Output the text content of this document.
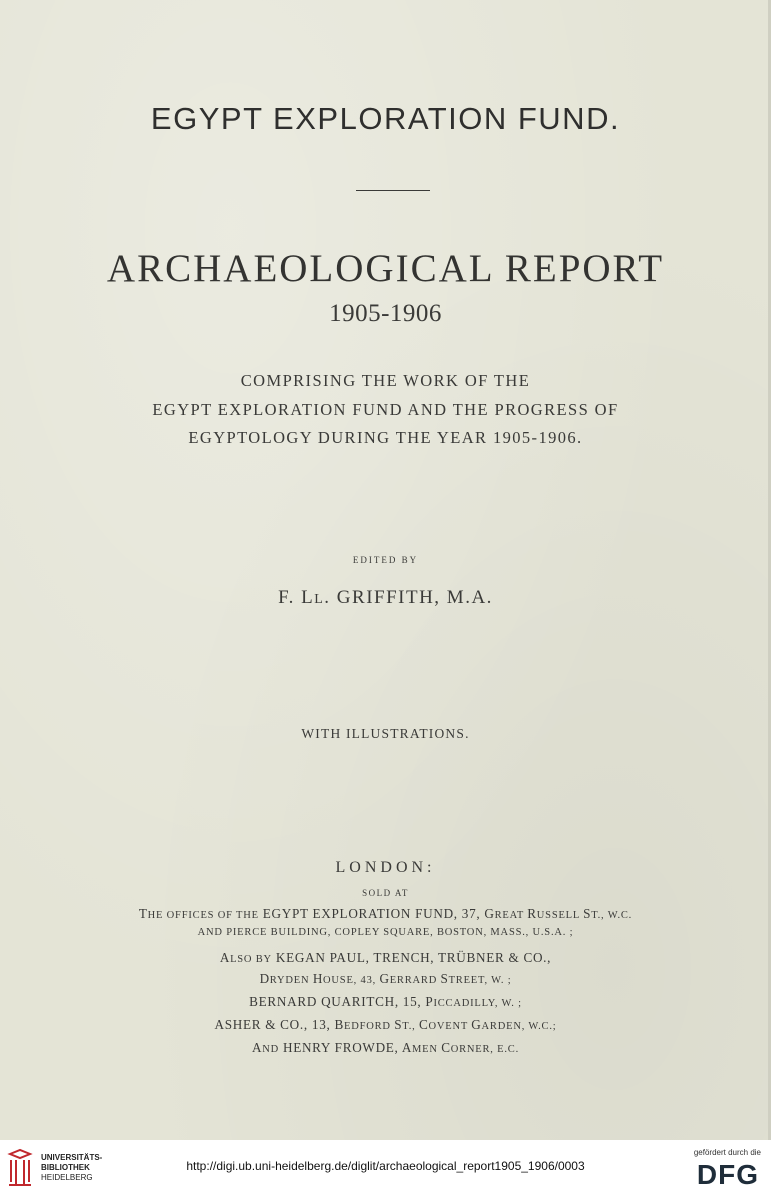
EGYPT EXPLORATION FUND.
ARCHAEOLOGICAL REPORT
1905-1906
COMPRISING THE WORK OF THE
EGYPT EXPLORATION FUND AND THE PROGRESS OF
EGYPTOLOGY DURING THE YEAR 1905-1906.
EDITED BY
F. LL. GRIFFITH, M.A.
WITH ILLUSTRATIONS.
LONDON:
SOLD AT
THE OFFICES OF THE EGYPT EXPLORATION FUND, 37, GREAT RUSSELL ST., W.C.
AND PIERCE BUILDING, COPLEY SQUARE, BOSTON, MASS., U.S.A. ;
ALSO BY KEGAN PAUL, TRENCH, TRÜBNER & CO.,
DRYDEN HOUSE, 43, GERRARD STREET, W. ;
BERNARD QUARITCH, 15, PICCADILLY, W. ;
ASHER & CO., 13, BEDFORD ST., COVENT GARDEN, W.C.;
AND HENRY FROWDE, AMEN CORNER, E.C.
UNIVERSITÄTS-
BIBLIOTHEK
HEIDELBERG
http://digi.ub.uni-heidelberg.de/diglit/archaeological_report1905_1906/0003
gefördert durch die
DFG
